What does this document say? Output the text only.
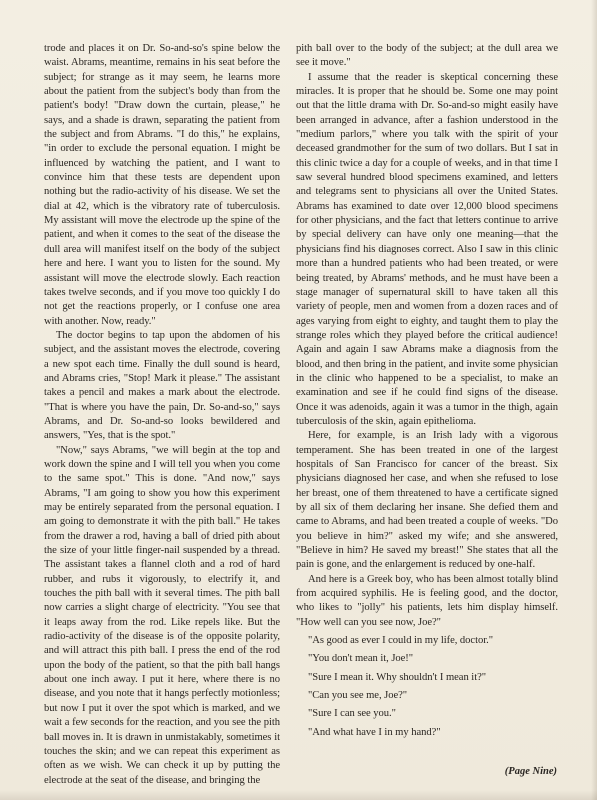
trode and places it on Dr. So-and-so's spine below the waist. Abrams, meantime, remains in his seat before the subject; for strange as it may seem, he learns more about the patient from the subject's body than from the patient's body! "Draw down the curtain, please," he says, and a shade is drawn, separating the patient from the subject and from Abrams. "I do this," he explains, "in order to exclude the personal equation. I might be influenced by watching the patient, and I want to convince him that these tests are dependent upon nothing but the radio-activity of his disease. We set the dial at 42, which is the vibratory rate of tuberculosis. My assistant will move the electrode up the spine of the patient, and when it comes to the seat of the disease the dull area will manifest itself on the body of the subject here and here. I want you to listen for the sound. My assistant will move the electrode slowly. Each reaction takes twelve seconds, and if you move too quickly I do not get the reactions properly, or I confuse one area with another. Now, ready."

The doctor begins to tap upon the abdomen of his subject, and the assistant moves the electrode, covering a new spot each time. Finally the dull sound is heard, and Abrams cries, "Stop! Mark it please." The assistant takes a pencil and makes a mark about the electrode. "That is where you have the pain, Dr. So-and-so," says Abrams, and Dr. So-and-so looks bewildered and answers, "Yes, that is the spot."

"Now," says Abrams, "we will begin at the top and work down the spine and I will tell you when you come to the same spot." This is done. "And now," says Abrams, "I am going to show you how this experiment may be entirely separated from the personal equation. I am going to demonstrate it with the pith ball." He takes from the drawer a rod, having a ball of dried pith about the size of your little finger-nail suspended by a thread. The assistant takes a flannel cloth and a rod of hard rubber, and rubs it vigorously, to electrify it, and touches the pith ball with it several times. The pith ball now carries a slight charge of electricity. "You see that it leaps away from the rod. Like repels like. But the radio-activity of the disease is of the opposite polarity, and will attract this pith ball. I press the end of the rod upon the body of the patient, so that the pith ball hangs about one inch away. I put it here, where there is no disease, and you note that it hangs perfectly motionless; but now I put it over the spot which is marked, and we wait a few seconds for the reaction, and you see the pith ball moves in. It is drawn in unmistakably, sometimes it touches the skin; and we can repeat this experiment as often as we wish. We can check it up by putting the electrode at the seat of the disease, and bringing the

pith ball over to the body of the subject; at the dull area we see it move."

I assume that the reader is skeptical concerning these miracles. It is proper that he should be. Some one may point out that the little drama with Dr. So-and-so might easily have been arranged in advance, after a fashion understood in the "medium parlors," where you talk with the spirit of your deceased grandmother for the sum of two dollars. But I sat in this clinic twice a day for a couple of weeks, and in that time I saw several hundred blood specimens examined, and letters and telegrams sent to physicians all over the United States. Abrams has examined to date over 12,000 blood specimens for other physicians, and the fact that letters continue to arrive by special delivery can have only one meaning—that the physicians find his diagnoses correct. Also I saw in this clinic more than a hundred patients who had been treated, or were being treated, by Abrams' methods, and he must have been a stage manager of supernatural skill to have taken all this variety of people, men and women from a dozen races and of ages varying from eight to eighty, and taught them to play the strange roles which they played before the critical audience! Again and again I saw Abrams make a diagnosis from the blood, and then bring in the patient, and invite some physician in the clinic who happened to be a specialist, to make an examination and see if he could find signs of the disease. Once it was adenoids, again it was a tumor in the thigh, again tuberculosis of the skin, again epithelioma.

Here, for example, is an Irish lady with a vigorous temperament. She has been treated in one of the largest hospitals of San Francisco for cancer of the breast. Six physicians diagnosed her case, and when she refused to lose her breast, one of them threatened to have a certificate signed by all six of them declaring her insane. She defied them and came to Abrams, and had been treated a couple of weeks. "Do you believe in him?" asked my wife; and she answered, "Believe in him? He saved my breast!" She states that all the pain is gone, and the enlargement is reduced by one-half.

And here is a Greek boy, who has been almost totally blind from acquired syphilis. He is feeling good, and the doctor, who likes to "jolly" his patients, lets him display himself. "How well can you see now, Joe?"

"As good as ever I could in my life, doctor."

"You don't mean it, Joe!"

"Sure I mean it. Why shouldn't I mean it?"

"Can you see me, Joe?"

"Sure I can see you."

"And what have I in my hand?"

(Page Nine)
